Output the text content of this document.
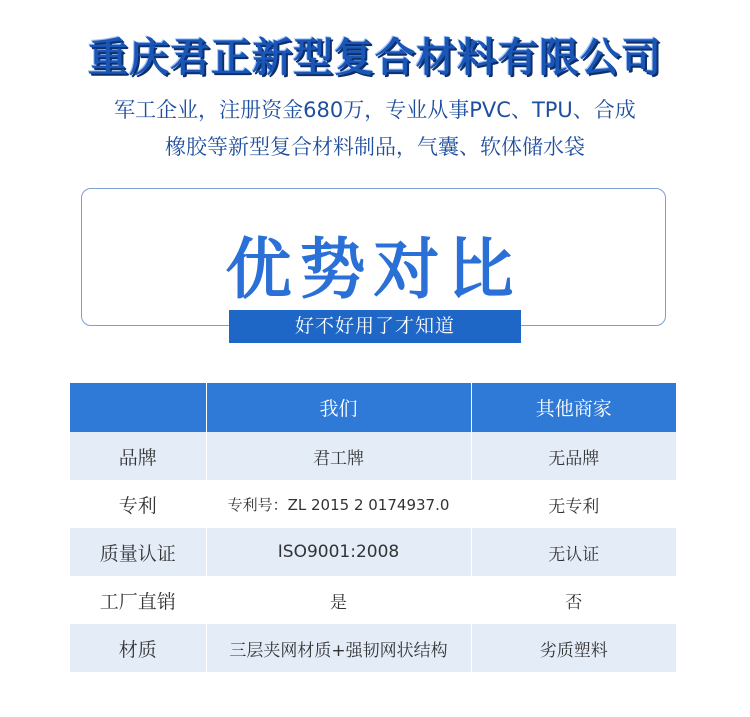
重庆君正新型复合材料有限公司
军工企业，注册资金680万，专业从事PVC、TPU、合成
橡胶等新型复合材料制品，气囊、软体储水袋
优势对比
好不好用了才知道
	我们	其他商家
品牌	君工牌	无品牌
专利	专利号：ZL 2015 2 0174937.0	无专利
质量认证	ISO9001:2008	无认证
工厂直销	是	否
材质	三层夹网材质+强韧网状结构	劣质塑料
